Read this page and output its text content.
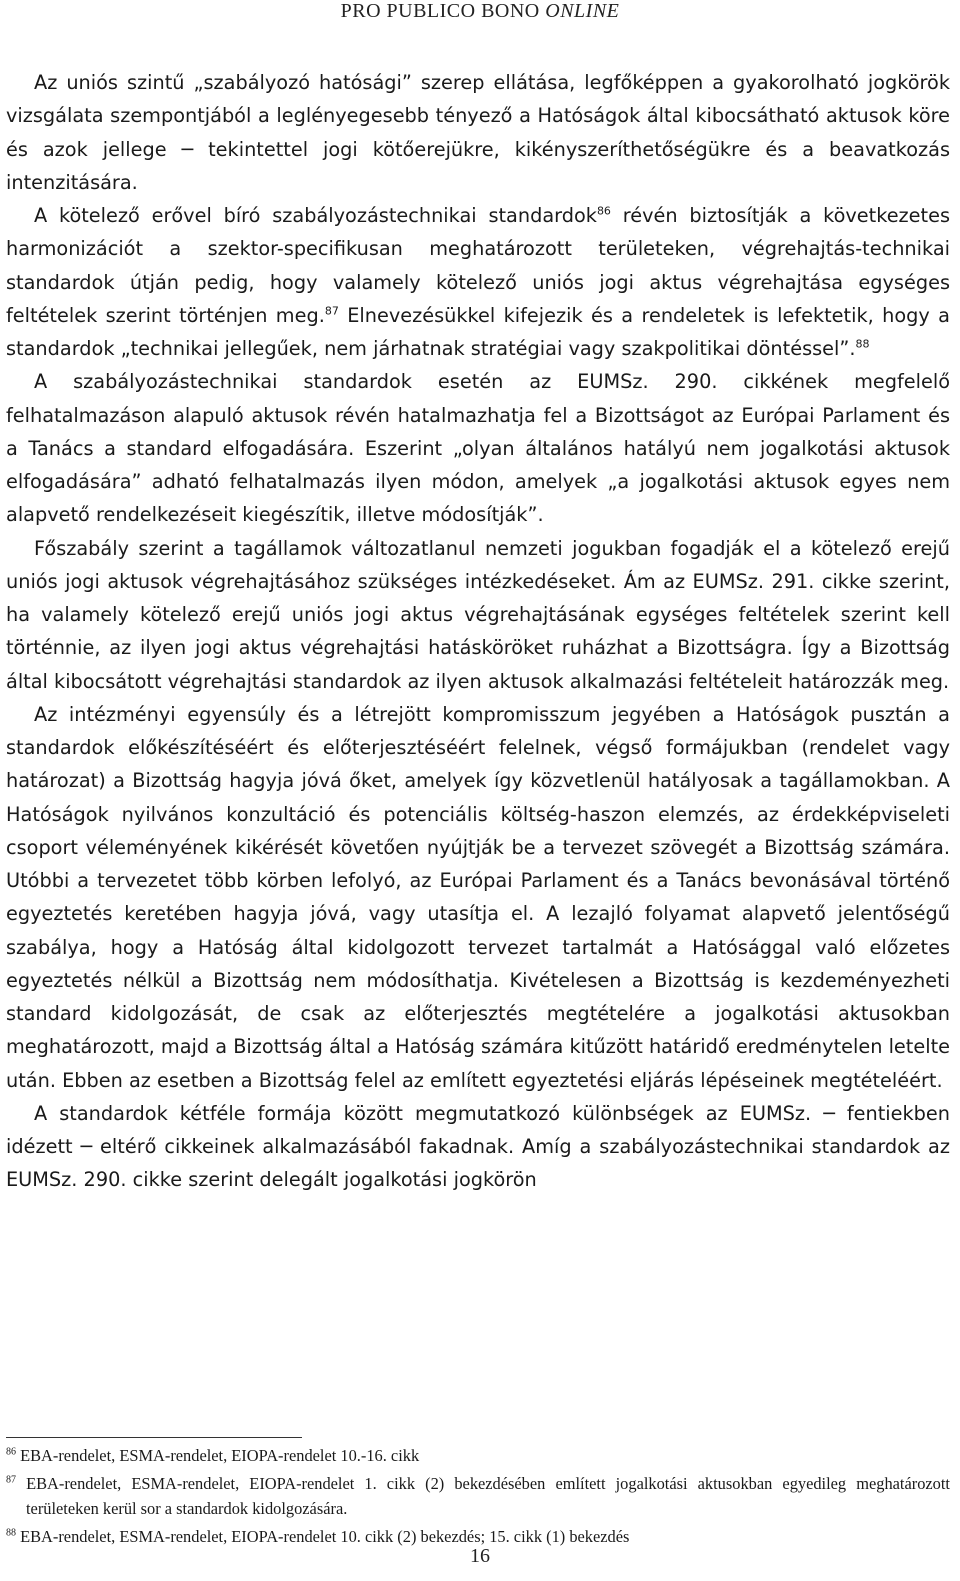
PRO PUBLICO BONO ONLINE

Az uniós szintű „szabályozó hatósági” szerep ellátása, legfőképpen a gyakorolható jogkörök vizsgálata szempontjából a leglényegesebb tényező a Hatóságok által kibocsátható aktusok köre és azok jellege ─ tekintettel jogi kötőerejükre, kikényszeríthetőségükre és a beavatkozás intenzitására.

A kötelező erővel bíró szabályozástechnikai standardok$^{86}$ révén biztosítják a következetes harmonizációt a szektor-specifikusan meghatározott területeken, végrehajtás-technikai standardok útján pedig, hogy valamely kötelező uniós jogi aktus végrehajtása egységes feltételek szerint történjen meg.$^{87}$ Elnevezésükkel kifejezik és a rendeletek is lefektetik, hogy a standardok „technikai jellegűek, nem járhatnak stratégiai vagy szakpolitikai döntéssel”.$^{88}$

A szabályozástechnikai standardok esetén az EUMSz. 290. cikkének megfelelő felhatalmazáson alapuló aktusok révén hatalmazhatja fel a Bizottságot az Európai Parlament és a Tanács a standard elfogadására. Eszerint „olyan általános hatályú nem jogalkotási aktusok elfogadására” adható felhatalmazás ilyen módon, amelyek „a jogalkotási aktusok egyes nem alapvető rendelkezéseit kiegészítik, illetve módosítják”.

Főszabály szerint a tagállamok változatlanul nemzeti jogukban fogadják el a kötelező erejű uniós jogi aktusok végrehajtásához szükséges intézkedéseket. Ám az EUMSz. 291. cikke szerint, ha valamely kötelező erejű uniós jogi aktus végrehajtásának egységes feltételek szerint kell történnie, az ilyen jogi aktus végrehajtási hatásköröket ruházhat a Bizottságra. Így a Bizottság által kibocsátott végrehajtási standardok az ilyen aktusok alkalmazási feltételeit határozzák meg.

Az intézményi egyensúly és a létrejött kompromisszum jegyében a Hatóságok pusztán a standardok előkészítéséért és előterjesztéséért felelnek, végső formájukban (rendelet vagy határozat) a Bizottság hagyja jóvá őket, amelyek így közvetlenül hatályosak a tagállamokban. A Hatóságok nyilvános konzultáció és potenciális költség-haszon elemzés, az érdekképviseleti csoport véleményének kikérését követően nyújtják be a tervezet szövegét a Bizottság számára. Utóbbi a tervezetet több körben lefolyó, az Európai Parlament és a Tanács bevonásával történő egyeztetés keretében hagyja jóvá, vagy utasítja el. A lezajló folyamat alapvető jelentőségű szabálya, hogy a Hatóság által kidolgozott tervezet tartalmát a Hatósággal való előzetes egyeztetés nélkül a Bizottság nem módosíthatja. Kivételesen a Bizottság is kezdeményezheti standard kidolgozását, de csak az előterjesztés megtételére a jogalkotási aktusokban meghatározott, majd a Bizottság által a Hatóság számára kitűzött határidő eredménytelen letelte után. Ebben az esetben a Bizottság felel az említett egyeztetési eljárás lépéseinek megtételéért.

A standardok kétféle formája között megmutatkozó különbségek az EUMSz. ─ fentiekben idézett ─ eltérő cikkeinek alkalmazásából fakadnak. Amíg a szabályozástechnikai standardok az EUMSz. 290. cikke szerint delegált jogalkotási jogkörön

$^{86}$ EBA-rendelet, ESMA-rendelet, EIOPA-rendelet 10.-16. cikk

$^{87}$ EBA-rendelet, ESMA-rendelet, EIOPA-rendelet 1. cikk (2) bekezdésében említett jogalkotási aktusokban egyedileg meghatározott területeken kerül sor a standardok kidolgozására.

$^{88}$ EBA-rendelet, ESMA-rendelet, EIOPA-rendelet 10. cikk (2) bekezdés; 15. cikk (1) bekezdés

16
